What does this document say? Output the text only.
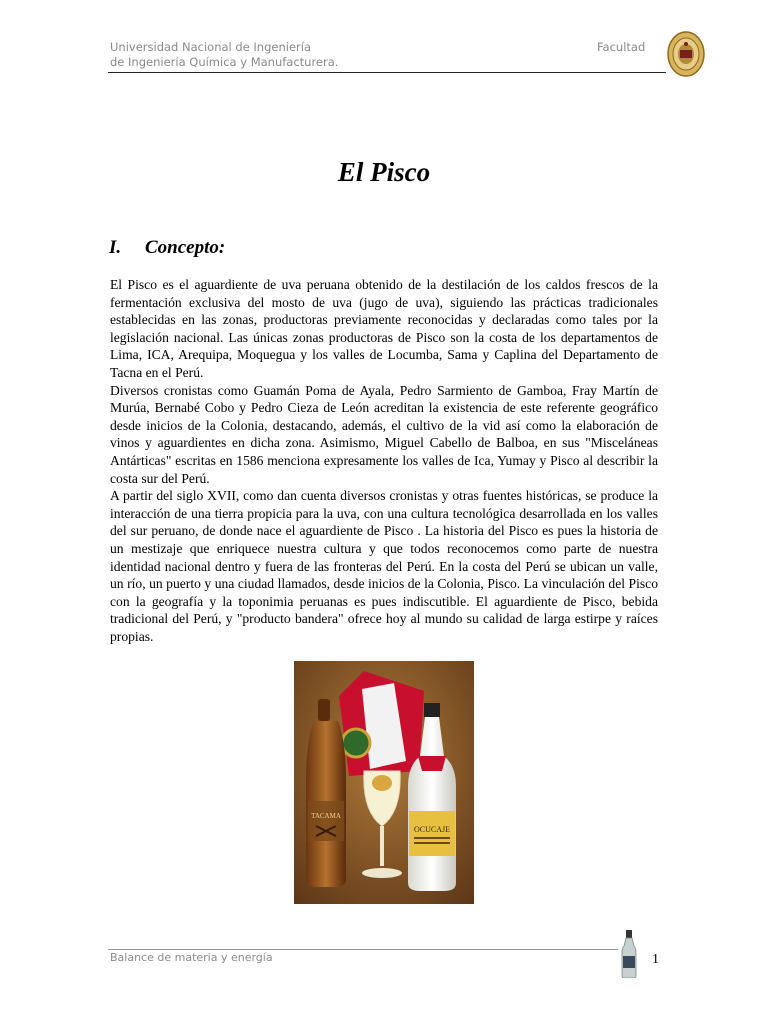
Universidad Nacional de Ingeniería
de Ingeniería Química y Manufacturera.
Facultad
El Pisco
I. Concepto:

El Pisco es el aguardiente de uva peruana obtenido de la destilación de los caldos frescos de la fermentación exclusiva del mosto de uva (jugo de uva), siguiendo las prácticas tradicionales establecidas en las zonas, productoras previamente reconocidas y declaradas como tales por la legislación nacional. Las únicas zonas productoras de Pisco son la costa de los departamentos de Lima, ICA, Arequipa, Moquegua y los valles de Locumba, Sama y Caplina del Departamento de Tacna en el Perú.

Diversos cronistas como Guamán Poma de Ayala, Pedro Sarmiento de Gamboa, Fray Martín de Murúa, Bernabé Cobo y Pedro Cieza de León acreditan la existencia de este referente geográfico desde inicios de la Colonia, destacando, además, el cultivo de la vid así como la elaboración de vinos y aguardientes en dicha zona. Asimismo, Miguel Cabello de Balboa, en sus "Misceláneas Antárticas" escritas en 1586 menciona expresamente los valles de Ica, Yumay y Pisco al describir la costa sur del Perú.

A partir del siglo XVII, como dan cuenta diversos cronistas y otras fuentes históricas, se produce la interacción de una tierra propicia para la uva, con una cultura tecnológica desarrollada en los valles del sur peruano, de donde nace el aguardiente de Pisco . La historia del Pisco es pues la historia de un mestizaje que enriquece nuestra cultura y que todos reconocemos como parte de nuestra identidad nacional dentro y fuera de las fronteras del Perú. En la costa del Perú se ubican un valle, un río, un puerto y una ciudad llamados, desde inicios de la Colonia, Pisco. La vinculación del Pisco con la geografía y la toponimia peruanas es pues indiscutible. El aguardiente de Pisco, bebida tradicional del Perú, y "producto bandera" ofrece hoy al mundo su calidad de larga estirpe y raíces propias.

TACAMA
OCUCAJE
Balance de materia y energía	1
